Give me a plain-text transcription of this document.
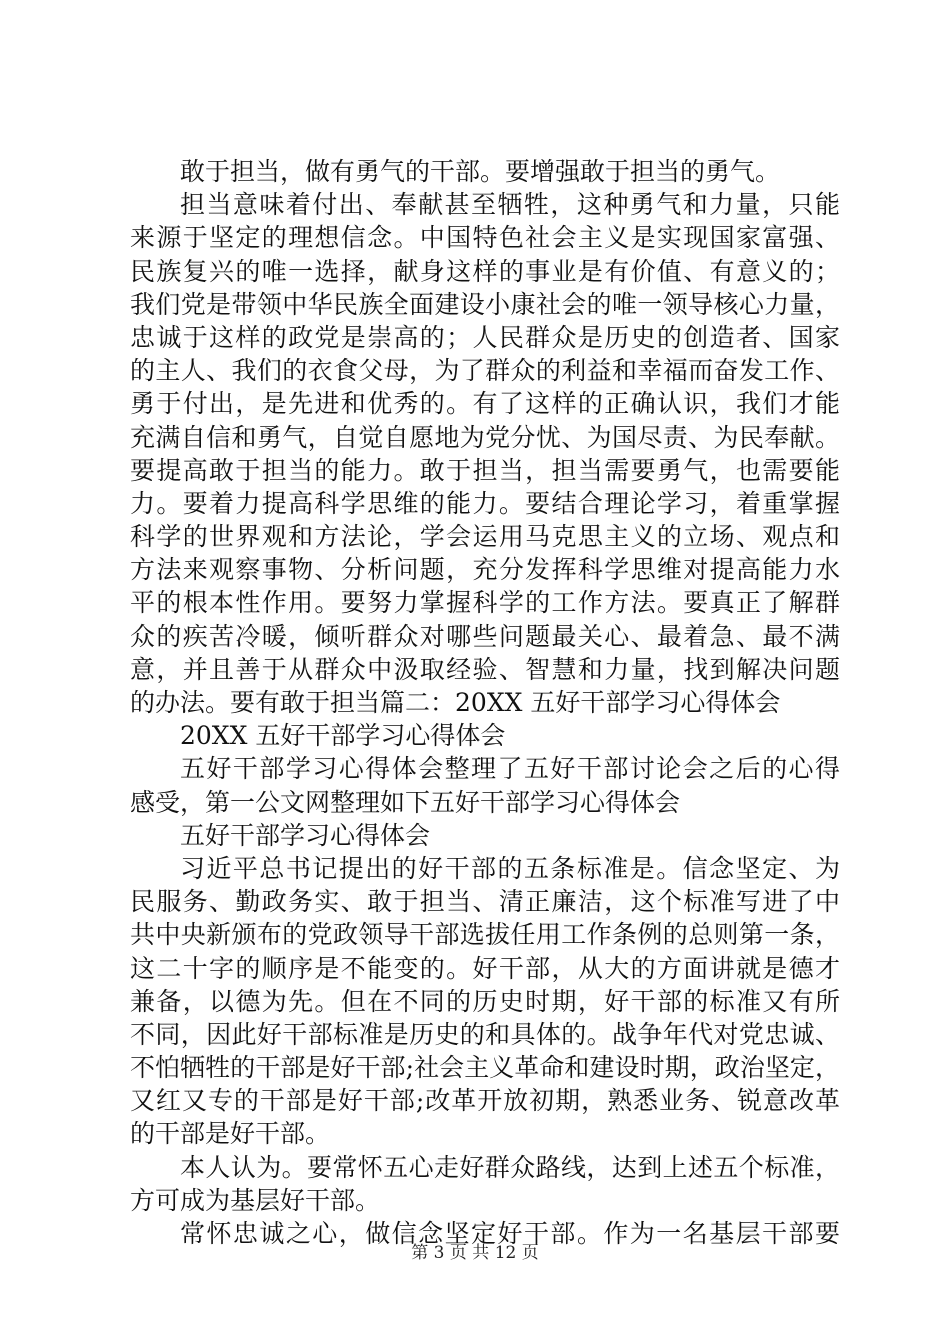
敢于担当，做有勇气的干部。要增强敢于担当的勇气。
担当意味着付出、奉献甚至牺牲，这种勇气和力量，只能
来源于坚定的理想信念。中国特色社会主义是实现国家富强、
民族复兴的唯一选择，献身这样的事业是有价值、有意义的；
我们党是带领中华民族全面建设小康社会的唯一领导核心力量，
忠诚于这样的政党是崇高的；人民群众是历史的创造者、国家
的主人、我们的衣食父母，为了群众的利益和幸福而奋发工作、
勇于付出，是先进和优秀的。有了这样的正确认识，我们才能
充满自信和勇气，自觉自愿地为党分忧、为国尽责、为民奉献。
要提高敢于担当的能力。敢于担当，担当需要勇气，也需要能
力。要着力提高科学思维的能力。要结合理论学习，着重掌握
科学的世界观和方法论，学会运用马克思主义的立场、观点和
方法来观察事物、分析问题，充分发挥科学思维对提高能力水
平的根本性作用。要努力掌握科学的工作方法。要真正了解群
众的疾苦冷暖，倾听群众对哪些问题最关心、最着急、最不满
意，并且善于从群众中汲取经验、智慧和力量，找到解决问题
的办法。要有敢于担当篇二：20XX 五好干部学习心得体会
20XX 五好干部学习心得体会
五好干部学习心得体会整理了五好干部讨论会之后的心得
感受，第一公文网整理如下五好干部学习心得体会
五好干部学习心得体会
习近平总书记提出的好干部的五条标准是。信念坚定、为
民服务、勤政务实、敢于担当、清正廉洁，这个标准写进了中
共中央新颁布的党政领导干部选拔任用工作条例的总则第一条，
这二十字的顺序是不能变的。好干部，从大的方面讲就是德才
兼备，以德为先。但在不同的历史时期，好干部的标准又有所
不同，因此好干部标准是历史的和具体的。战争年代对党忠诚、
不怕牺牲的干部是好干部;社会主义革命和建设时期，政治坚定，
又红又专的干部是好干部;改革开放初期，熟悉业务、锐意改革
的干部是好干部。
本人认为。要常怀五心走好群众路线，达到上述五个标准，
方可成为基层好干部。
常怀忠诚之心，做信念坚定好干部。作为一名基层干部要
第 3 页 共 12 页
